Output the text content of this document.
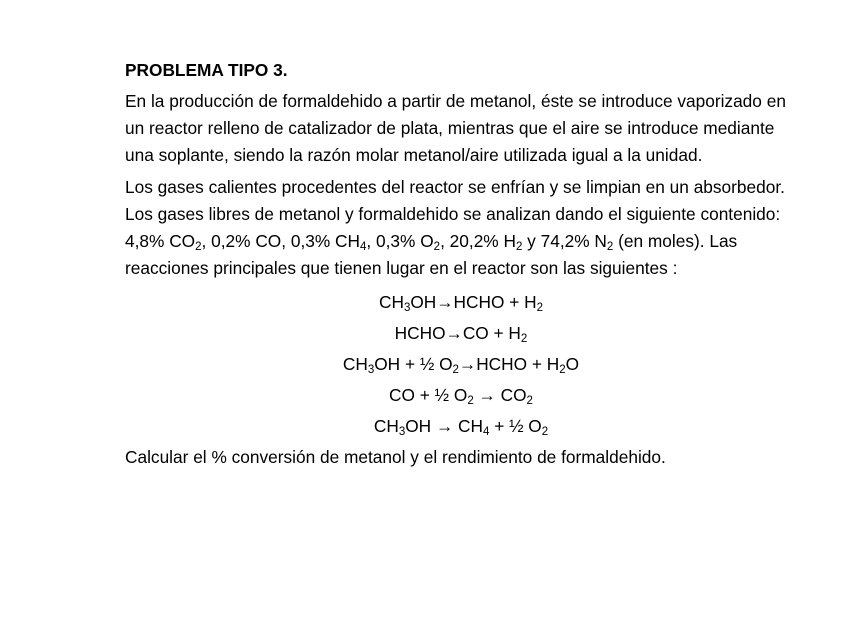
PROBLEMA TIPO 3.
En la producción de formaldehido a partir de metanol, éste se introduce vaporizado en un reactor relleno de catalizador de plata, mientras que el aire se introduce mediante una soplante, siendo la razón molar metanol/aire utilizada igual a la unidad.
Los gases calientes procedentes del reactor se enfrían y se limpian en un absorbedor. Los gases libres de metanol y formaldehido se analizan dando el siguiente contenido: 4,8% $CO_2$, 0,2% CO, 0,3% $CH_4$, 0,3% $O_2$, 20,2% $H_2$ y 74,2% $N_2$ (en moles). Las reacciones principales que tienen lugar en el reactor son las siguientes :
$CH_3OH\to HCHO + H_2$
HCHO→CO + $H_2$
$CH_3OH$ + ½ $O_2\to HCHO + H_2O$
CO + ½ $O_2 \to CO_2$
$CH_3OH \to CH_4$ + ½ $O_2$
Calcular el % conversión de metanol y el rendimiento de formaldehido.
